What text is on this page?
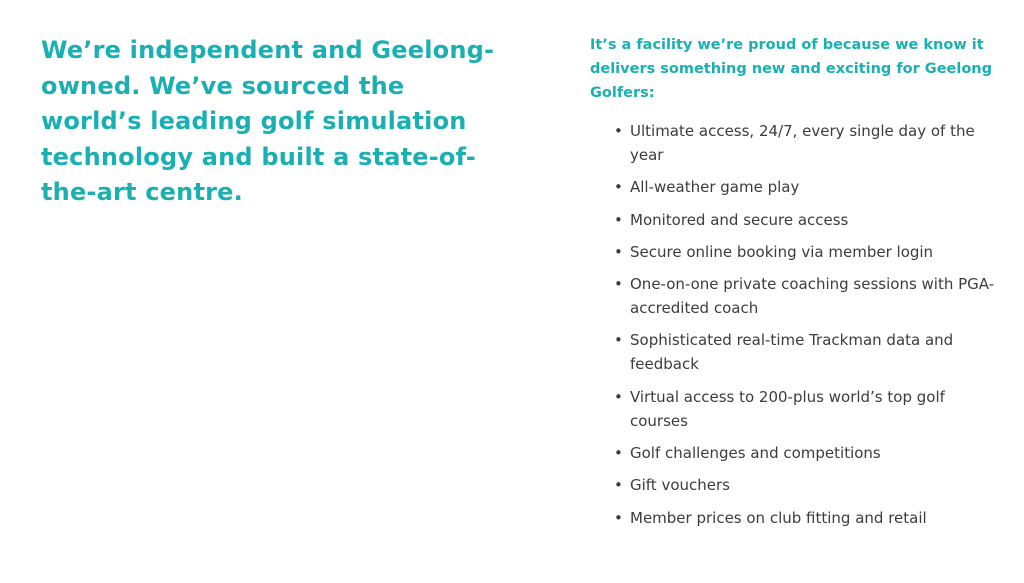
We’re independent and Geelong-owned. We’ve sourced the world’s leading golf simulation technology and built a state-of-the-art centre.

It’s a facility we’re proud of because we know it delivers something new and exciting for Geelong Golfers:

• Ultimate access, 24/7, every single day of the year
• All-weather game play
• Monitored and secure access
• Secure online booking via member login
• One-on-one private coaching sessions with PGA-accredited coach
• Sophisticated real-time Trackman data and feedback
• Virtual access to 200-plus world’s top golf courses
• Golf challenges and competitions
• Gift vouchers
• Member prices on club fitting and retail
